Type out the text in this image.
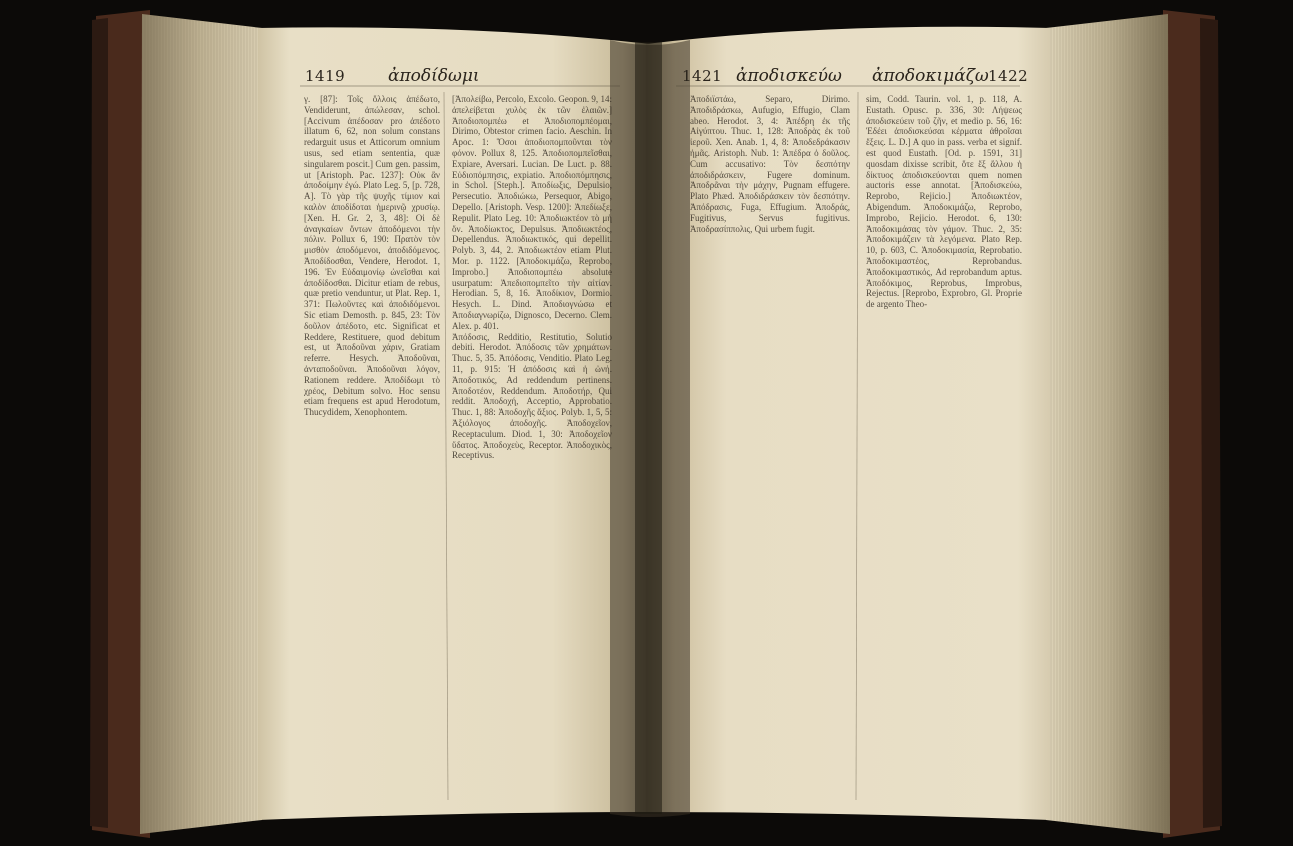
1419	ἀποδίδωμι	1421 ἀποδισκεύω ἀποδοκιμάζω 1422

γ. [87]: Τοῖς ὄλλοις ἀπέδωτο, Vendiderunt, ἀπώλεσαν, schol. [Accivum ἀπέδοσαν pro ἀπέδοτο illatum 6, 62, non solum constans redarguit usus et Atticorum omnium usus, sed etiam sententia, quæ singularem poscit.] Cum gen. passim, ut [Aristoph. Pac. 1237]: Οὐκ ἂν ἀποδοίμην ἐγώ. Plato Leg. 5, [p. 728, A]. Τὸ γὰρ τῆς ψυχῆς τίμιον καὶ καλὸν ἀποδίδοται ἡμερινῷ χρυσίῳ. [Xen. H. Gr. 2, 3, 48]: Οἱ δὲ ἀναγκαίων ὄντων ἀποδόμενοι τὴν πόλιν. Pollux 6, 190: Πρατὸν τὸν μισθὸν ἀποδόμενοι, ἀποδιδόμενος. Ἀποδίδοσθαι, Vendere, Herodot. 1, 196. Ἐν Εὐδαιμονίῳ ὠνεῖσθαι καὶ ἀποδίδοσθαι. Dicitur etiam de rebus, quæ pretio venduntur, ut Plat. Rep. 1, 371: Πωλοῦντες καὶ ἀποδιδόμενοι. Sic etiam Demosth. p. 845, 23: Τὸν δοῦλον ἀπέδοτο, etc. Significat et Reddere, Restituere, quod debitum est, ut Ἀποδοῦναι χάριν, Gratiam referre. Hesych. Ἀποδοῦναι, ἀνταποδοῦναι. Ἀποδοῦναι λόγον, Rationem reddere. Ἀποδίδωμι τὸ χρέος, Debitum solvo. Hoc sensu etiam frequens est apud Herodotum, Thucydidem, Xenophontem.

[Ἀπολείβω, Percolo, Excolo. Geopon. 9, 14: ἀπελείβεται χυλὸς ἐκ τῶν ἐλαιῶν.] Ἀποδιοπομπέω et Ἀποδιοπομπέομαι, Dirimo, Obtestor crimen facio. Aeschin. In Apoc. 1: Ὅσοι ἀποδιοπομποῦνται τὸν φόνον. Pollux 8, 125. Ἀποδιοπομπεῖσθαι, Expiare, Aversari. Lucian. De Luct. p. 88. Εὐδιοπόμπησις, expiatio. Ἀποδιοπόμπησις, in Schol. [Steph.]. Ἀποδίωξις, Depulsio, Persecutio. Ἀποδιώκω, Persequor, Abigo, Depello. [Aristoph. Vesp. 1200]: Ἀπεδίωξε, Repulit. Plato Leg. 10: Ἀποδιωκτέον τὸ μὴ ὄν. Ἀποδίωκτος, Depulsus. Ἀποδιωκτέος, Depellendus. Ἀποδιωκτικός, qui depellit. Polyb. 3, 44, 2. Ἀποδιωκτέον etiam Plut. Mor. p. 1122. [Ἀποδοκιμάζω, Reprobo, Improbo.] Ἀποδιοπομπέω absolute usurpatum: Ἀπεδιοπομπεῖτο τὴν αἰτίαν. Herodian. 5, 8, 16. Ἀποδίκιον, Dormio. Hesych. L. Dind. Ἀποδιογνώσω et Ἀποδιαγνωρίζω, Dignosco, Decerno. Clem. Alex. p. 401.

Ἀπόδοσις, Redditio, Restitutio, Solutio debiti. Herodot. Ἀπόδοσις τῶν χρημάτων. Thuc. 5, 35. Ἀπόδοσις, Venditio. Plato Leg. 11, p. 915: Ἡ ἀπόδοσις καὶ ἡ ὠνή. Ἀποδοτικός, Ad reddendum pertinens. Ἀποδοτέον, Reddendum. Ἀποδοτήρ, Qui reddit. Ἀποδοχή, Acceptio, Approbatio. Thuc. 1, 88: Ἀποδοχῆς ἄξιος. Polyb. 1, 5, 5: Ἀξιόλογος ἀποδοχῆς. Ἀποδοχεῖον, Receptaculum. Diod. 1, 30: Ἀποδοχεῖον ὕδατος. Ἀποδοχεὺς, Receptor. Ἀποδοχικὸς, Receptivus.

Ἀποδιϊστάω, Separo, Dirimo. Ἀποδιδράσκω, Aufugio, Effugio, Clam abeo. Herodot. 3, 4: Ἀπέδρη ἐκ τῆς Αἰγύπτου. Thuc. 1, 128: Ἀποδρὰς ἐκ τοῦ ἱεροῦ. Xen. Anab. 1, 4, 8: Ἀποδεδράκασιν ἡμᾶς. Aristoph. Nub. 1: Ἀπέδρα ὁ δοῦλος. Cum accusativo: Τὸν δεσπότην ἀποδιδράσκειν, Fugere dominum. Ἀποδρᾶναι τὴν μάχην, Pugnam effugere. Plato Phæd. Ἀποδιδράσκειν τὸν δεσπότην. Ἀπόδρασις, Fuga, Effugium. Ἀποδράς, Fugitivus, Servus fugitivus. Ἀποδρασίππολις, Qui urbem fugit.

sim, Codd. Taurin. vol. 1, p. 118, A. Eustath. Opusc. p. 336, 30: Λήψεως ἀποδισκεύειν τοῦ ζῆν, et medio p. 56, 16: Ἐδέει ἀποδισκεύσαι κέρματα ἀθροῖσαι ἔξεις. L. D.] A quo in pass. verba et signif. est quod Eustath. [Od. p. 1591, 31] quosdam dixisse scribit, ὅτε ἔξ ἄλλου ἡ δίκτυος ἀποδισκεύονται quem nomen auctoris esse annotat. [Ἀποδισκεύω, Reprobo, Rejicio.] Ἀποδιωκτέον, Abigendum. Ἀποδοκιμάζω, Reprobo, Improbo, Rejicio. Herodot. 6, 130: Ἀποδοκιμάσας τὸν γάμον. Thuc. 2, 35: Ἀποδοκιμάζειν τὰ λεγόμενα. Plato Rep. 10, p. 603, C. Ἀποδοκιμασία, Reprobatio. Ἀποδοκιμαστέος, Reprobandus. Ἀποδοκιμαστικός, Ad reprobandum aptus. Ἀποδόκιμος, Reprobus, Improbus, Rejectus. [Reprobo, Exprobro, Gl. Proprie de argento Theo-
